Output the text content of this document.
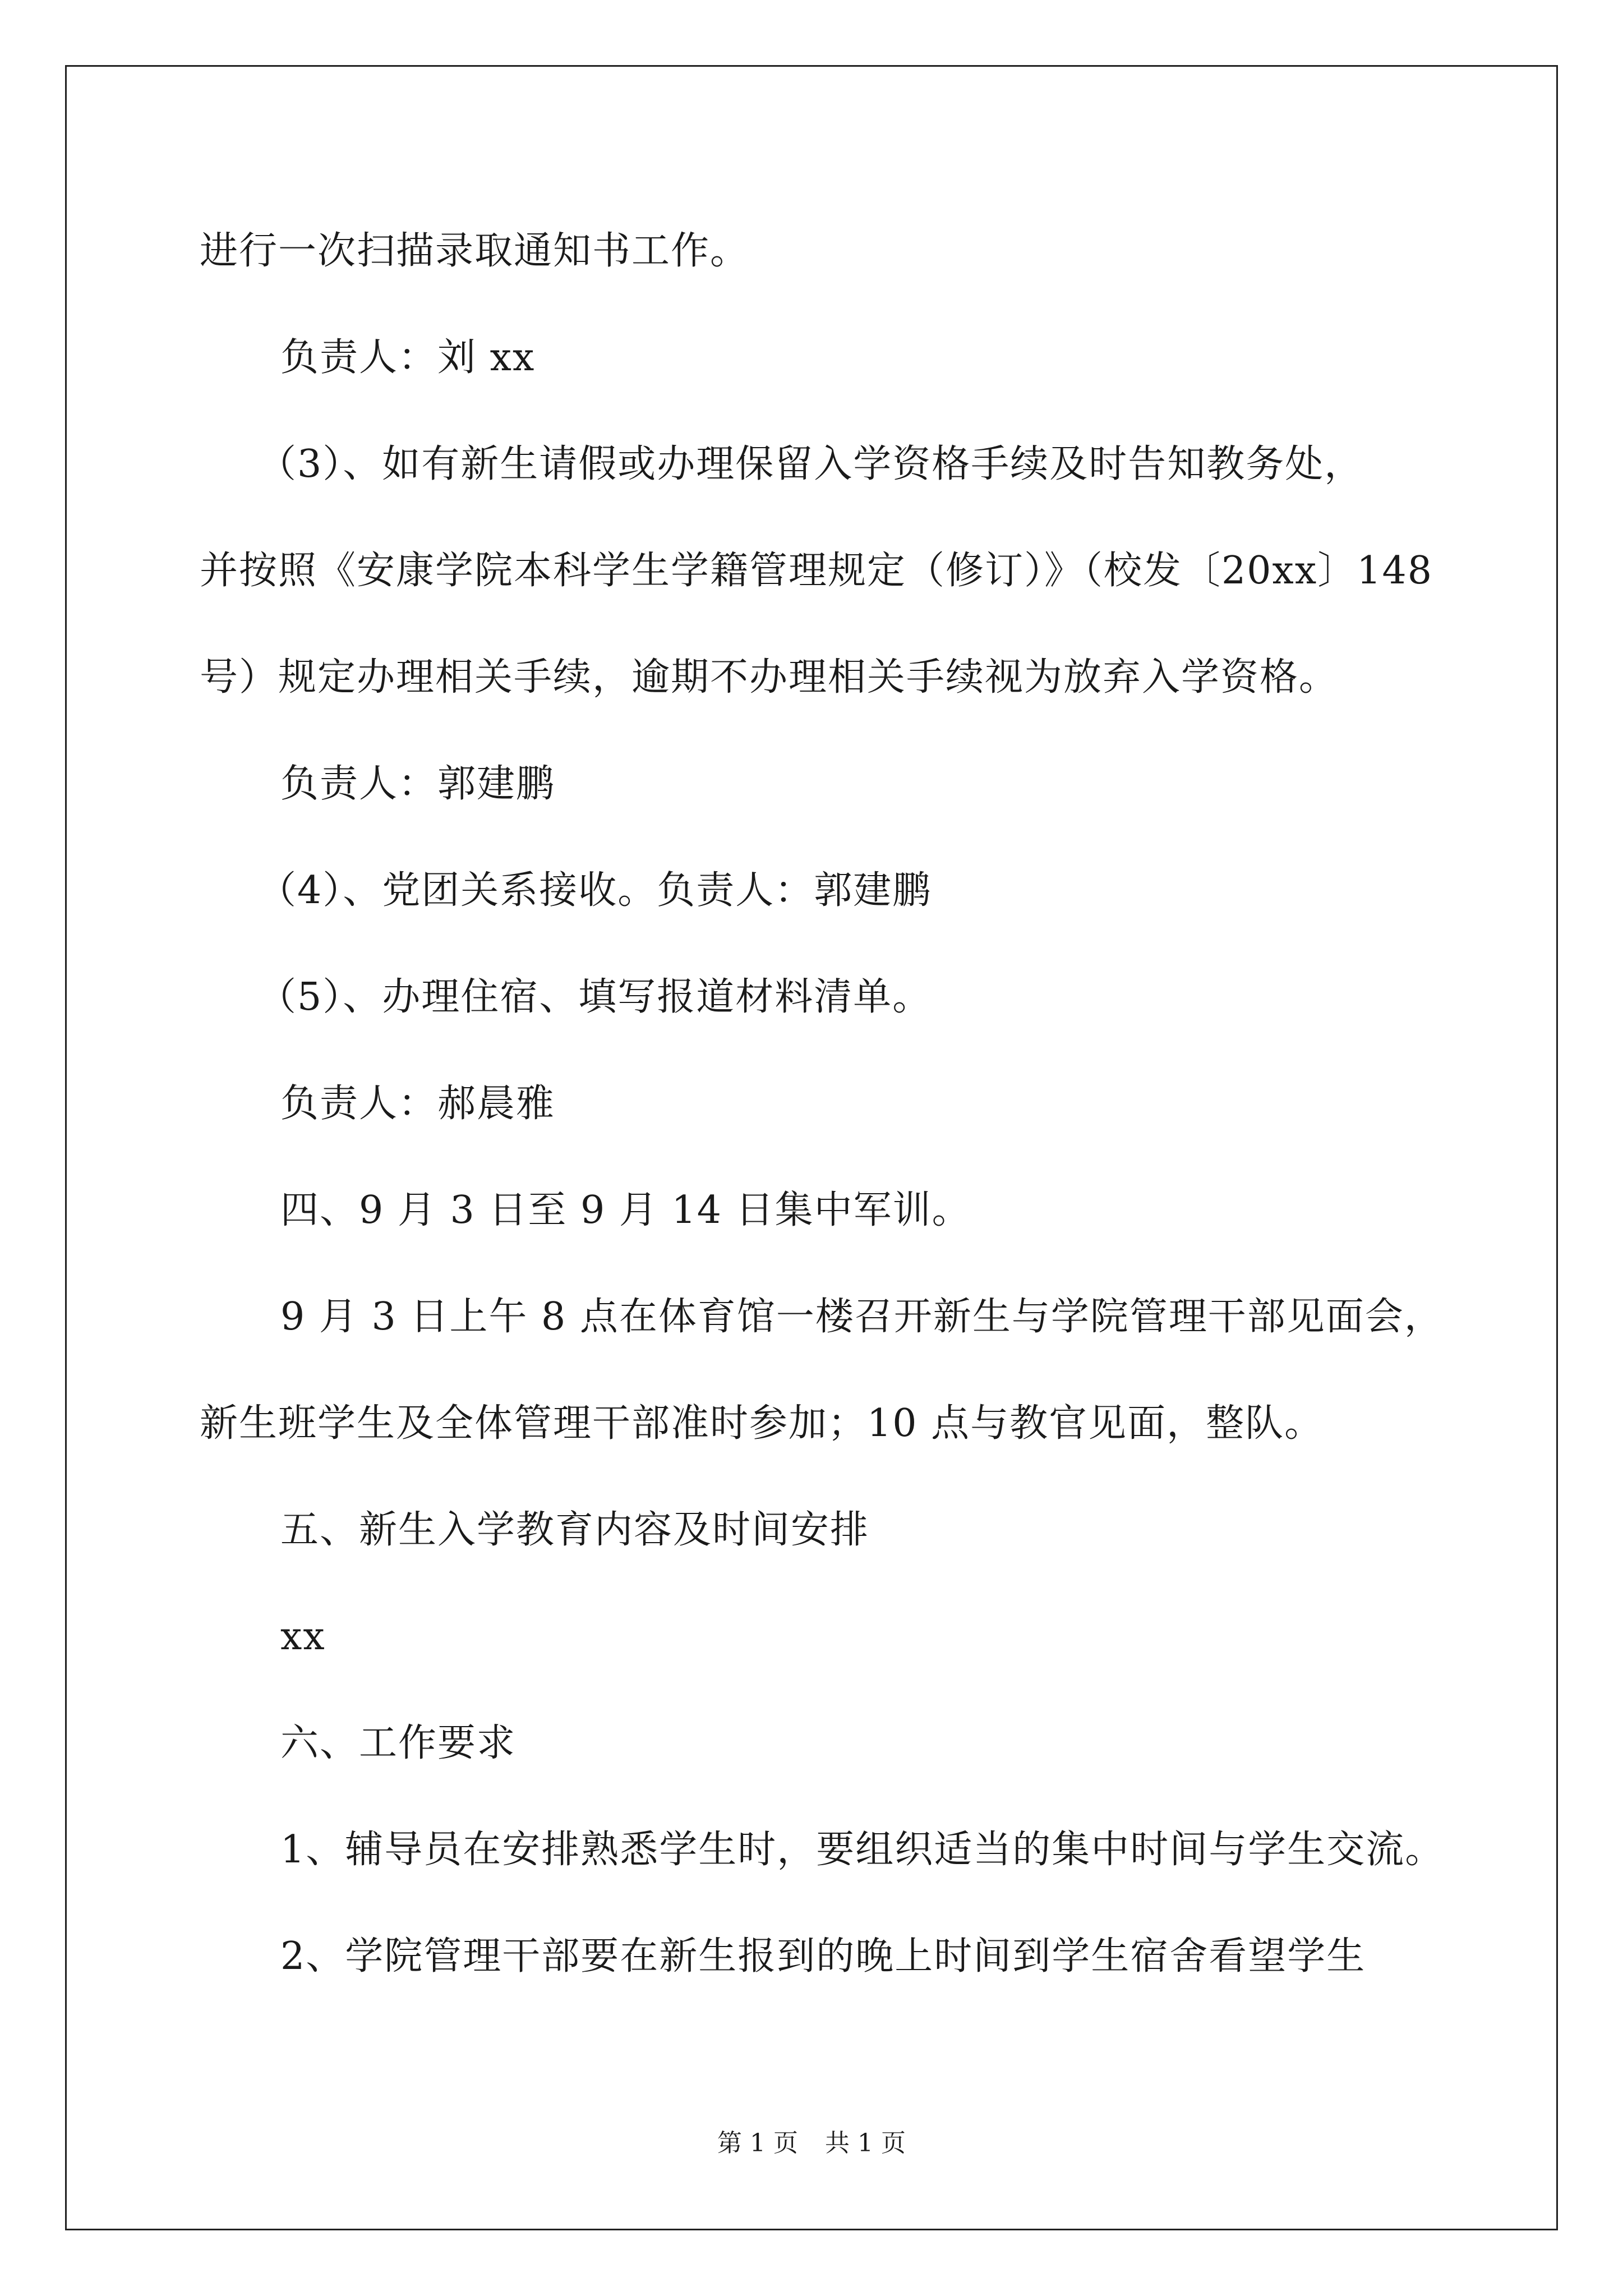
进行一次扫描录取通知书工作。
负责人：刘 xx
（3）、如有新生请假或办理保留入学资格手续及时告知教务处，
并按照《安康学院本科学生学籍管理规定（修订）》（校发〔20xx〕148
号）规定办理相关手续，逾期不办理相关手续视为放弃入学资格。
负责人：郭建鹏
（4）、党团关系接收。负责人：郭建鹏
（5）、办理住宿、填写报道材料清单。
负责人：郝晨雅
四、9 月 3 日至 9 月 14 日集中军训。
9 月 3 日上午 8 点在体育馆一楼召开新生与学院管理干部见面会，
新生班学生及全体管理干部准时参加；10 点与教官见面，整队。
五、新生入学教育内容及时间安排
xx
六、工作要求
1、辅导员在安排熟悉学生时，要组织适当的集中时间与学生交流。
2、学院管理干部要在新生报到的晚上时间到学生宿舍看望学生
第 1 页 共 1 页
